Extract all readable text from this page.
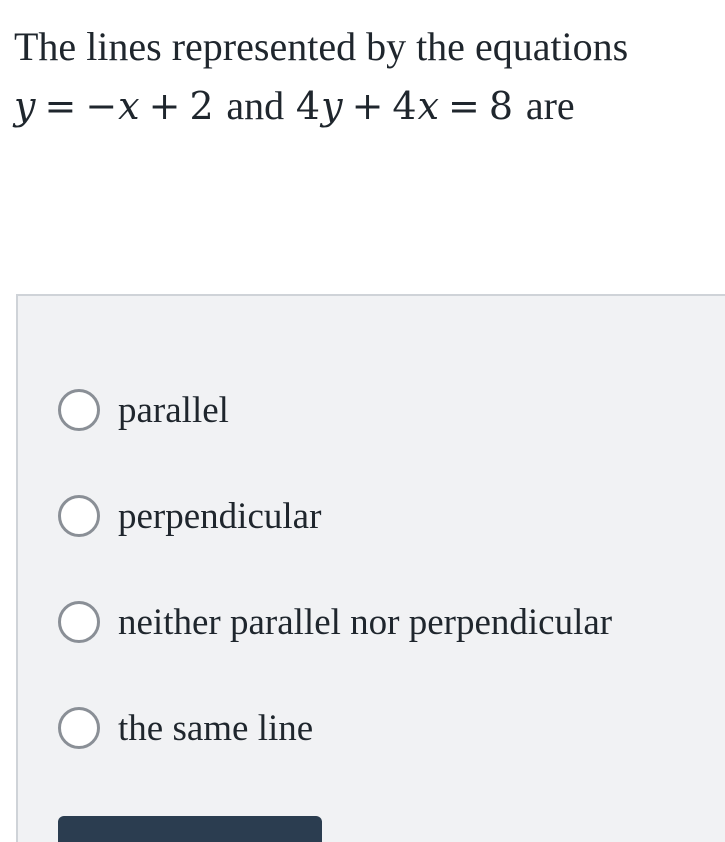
The lines represented by the equations
y = −x + 2 and 4y + 4x = 8 are
parallel
perpendicular
neither parallel nor perpendicular
the same line
